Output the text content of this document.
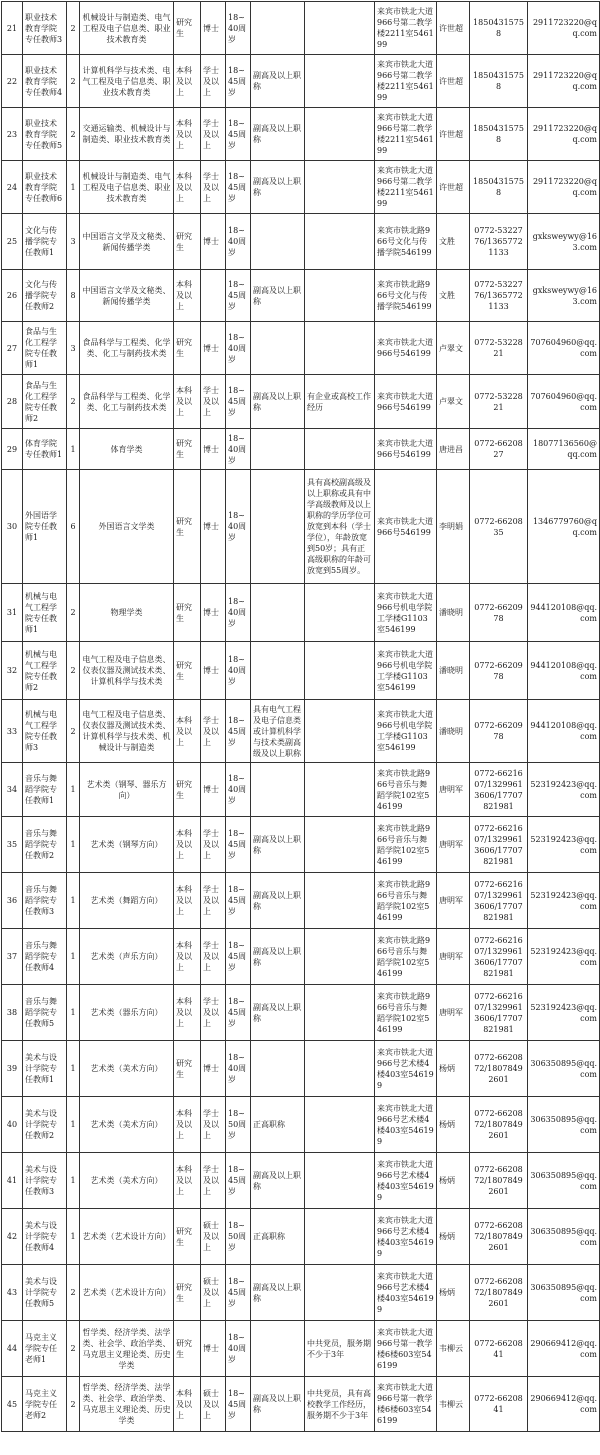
21	职业技术教育学院专任教师3	2	机械设计与制造类、电气工程及电子信息类、职业技术教育类	研究生	博士	18~40周岁			来宾市铁北大道966号第二教学楼2211室546199	许世超	18504315758	2911723220@qq.com
22	职业技术教育学院专任教师4	2	计算机科学与技术类、电气工程及电子信息类、职业技术教育类	本科及以上	学士及以上	18~45周岁	副高及以上职称		来宾市铁北大道966号第二教学楼2211室546199	许世超	18504315758	2911723220@qq.com
23	职业技术教育学院专任教师5	2	交通运输类、机械设计与制造类、职业技术教育类	本科及以上	学士及以上	18~45周岁	副高及以上职称		来宾市铁北大道966号第二教学楼2211室546199	许世超	18504315758	2911723220@qq.com
24	职业技术教育学院专任教师6	1	机械设计与制造类、电气工程及电子信息类、职业技术教育类	本科及以上	学士及以上	18~45周岁	副高及以上职称		来宾市铁北大道966号第二教学楼2211室546199	许世超	18504315758	2911723220@qq.com
25	文化与传播学院专任教师1	3	中国语言文学及文秘类、新闻传播学类	研究生	博士	18~40周岁			来宾市铁北路966号文化与传播学院546199	文胜	0772-5322776/13657721133	gxksweywy@163.com
26	文化与传播学院专任教师2	8	中国语言文学及文秘类、新闻传播学类	本科及以上		18~45周岁	副高及以上职称		来宾市铁北路966号文化与传播学院546199	文胜	0772-5322776/13657721133	gxksweywy@163.com
27	食品与生化工程学院专任教师1	3	食品科学与工程类、化学类、化工与制药技术类	研究生	博士	18~40周岁			来宾市铁北大道966号546199	卢翠文	0772-5322821	707604960@qq.com
28	食品与生化工程学院专任教师2	2	食品科学与工程类、化学类、化工与制药技术类	本科及以上	学士及以上	18~45周岁	副高及以上职称	有企业或高校工作经历	来宾市铁北大道966号546199	卢翠文	0772-5322821	707604960@qq.com
29	体育学院专任教师1	1	体育学类	研究生	博士	18~40周岁			来宾市铁北大道966号546199	唐进昌	0772-6620827	18077136560@qq.com
30	外国语学院专任教师1	6	外国语言文学类	研究生	博士	18~40周岁		具有高校副高级及以上职称或具有中学高级教师及以上职称的学历学位可放宽到本科（学士学位），年龄放宽到50岁；具有正高级职称的年龄可放宽到55周岁。	来宾市铁北大道966号546199	李明娟	0772-6620835	1346779760@qq.com
31	机械与电气工程学院专任教师1	2	物理学类	研究生	博士	18~40周岁			来宾市铁北大道966号机电学院工学楼G1103室546199	潘晓明	0772-6620978	944120108@qq.com
32	机械与电气工程学院专任教师2	2	电气工程及电子信息类、仪表仪器及测试技术类、计算机科学与技术类	研究生	博士	18~40周岁			来宾市铁北大道966号机电学院工学楼G1103室546199	潘晓明	0772-6620978	944120108@qq.com
33	机械与电气工程学院专任教师3	2	电气工程及电子信息类、仪表仪器及测试技术类、计算机科学与技术类、机械设计与制造类	本科及以上	学士及以上	18~45周岁	具有电气工程及电子信息类或计算机科学与技术类副高级及以上职称		来宾市铁北大道966号机电学院工学楼G1103室546199	潘晓明	0772-6620978	944120108@qq.com
34	音乐与舞蹈学院专任教师1	1	艺术类（钢琴、器乐方向）	研究生	博士	18~40周岁			来宾市铁北路966号音乐与舞蹈学院102室546199	唐明军	0772-6621607/13299613606/17707821981	523192423@qq.com
35	音乐与舞蹈学院专任教师2	1	艺术类（钢琴方向）	本科及以上	学士及以上	18~45周岁	副高及以上职称		来宾市铁北路966号音乐与舞蹈学院102室546199	唐明军	0772-6621607/13299613606/17707821981	523192423@qq.com
36	音乐与舞蹈学院专任教师3	1	艺术类（舞蹈方向）	本科及以上	学士及以上	18~45周岁	副高及以上职称		来宾市铁北路966号音乐与舞蹈学院102室546199	唐明军	0772-6621607/13299613606/17707821981	523192423@qq.com
37	音乐与舞蹈学院专任教师4	1	艺术类（声乐方向）	本科及以上	学士及以上	18~45周岁	副高及以上职称		来宾市铁北路966号音乐与舞蹈学院102室546199	唐明军	0772-6621607/13299613606/17707821981	523192423@qq.com
38	音乐与舞蹈学院专任教师5	1	艺术类（器乐方向）	本科及以上	学士及以上	18~45周岁	副高及以上职称		来宾市铁北路966号音乐与舞蹈学院102室546199	唐明军	0772-6621607/13299613606/17707821981	523192423@qq.com
39	美术与设计学院专任教师1	1	艺术类（美术方向）	研究生	博士	18~40周岁			来宾市铁北大道966号艺术楼4楼403室546199	杨炳	0772-6620872/18078492601	306350895@qq.com
40	美术与设计学院专任教师2	1	艺术类（美术方向）	本科及以上	学士及以上	18~50周岁	正高职称		来宾市铁北大道966号艺术楼4楼403室546199	杨炳	0772-6620872/18078492601	306350895@qq.com
41	美术与设计学院专任教师3	1	艺术类（美术方向）	本科及以上	学士及以上	18~45周岁	副高及以上职称		来宾市铁北大道966号艺术楼4楼403室546199	杨炳	0772-6620872/18078492601	306350895@qq.com
42	美术与设计学院专任教师4	1	艺术类（艺术设计方向）	研究生	硕士及以上	18~50周岁	正高职称		来宾市铁北大道966号艺术楼4楼403室546199	杨炳	0772-6620872/18078492601	306350895@qq.com
43	美术与设计学院专任教师5	2	艺术类（艺术设计方向）	研究生	硕士及以上	18~45周岁	副高及以上职称		来宾市铁北大道966号艺术楼4楼403室546199	杨炳	0772-6620872/18078492601	306350895@qq.com
44	马克主义学院专任老师1	2	哲学类、经济学类、法学类、社会学、政治学类、马克思主义理论类、历史学类	研究生	博士	18~40周岁		中共党员，服务期不少于3年	来宾市铁北大道966号第一教学楼6楼603室546199	韦柳云	0772-6620841	290669412@qq.com
45	马克主义学院专任老师2	2	哲学类、经济学类、法学类、社会学、政治学类、马克思主义理论类、历史学类	本科及以上	硕士及以上	18~45周岁	副高及以上职称	中共党员，具有高校教学工作经历，服务期不少于3年	来宾市铁北大道966号第一教学楼6楼603室546199	韦柳云	0772-6620841	290669412@qq.com
